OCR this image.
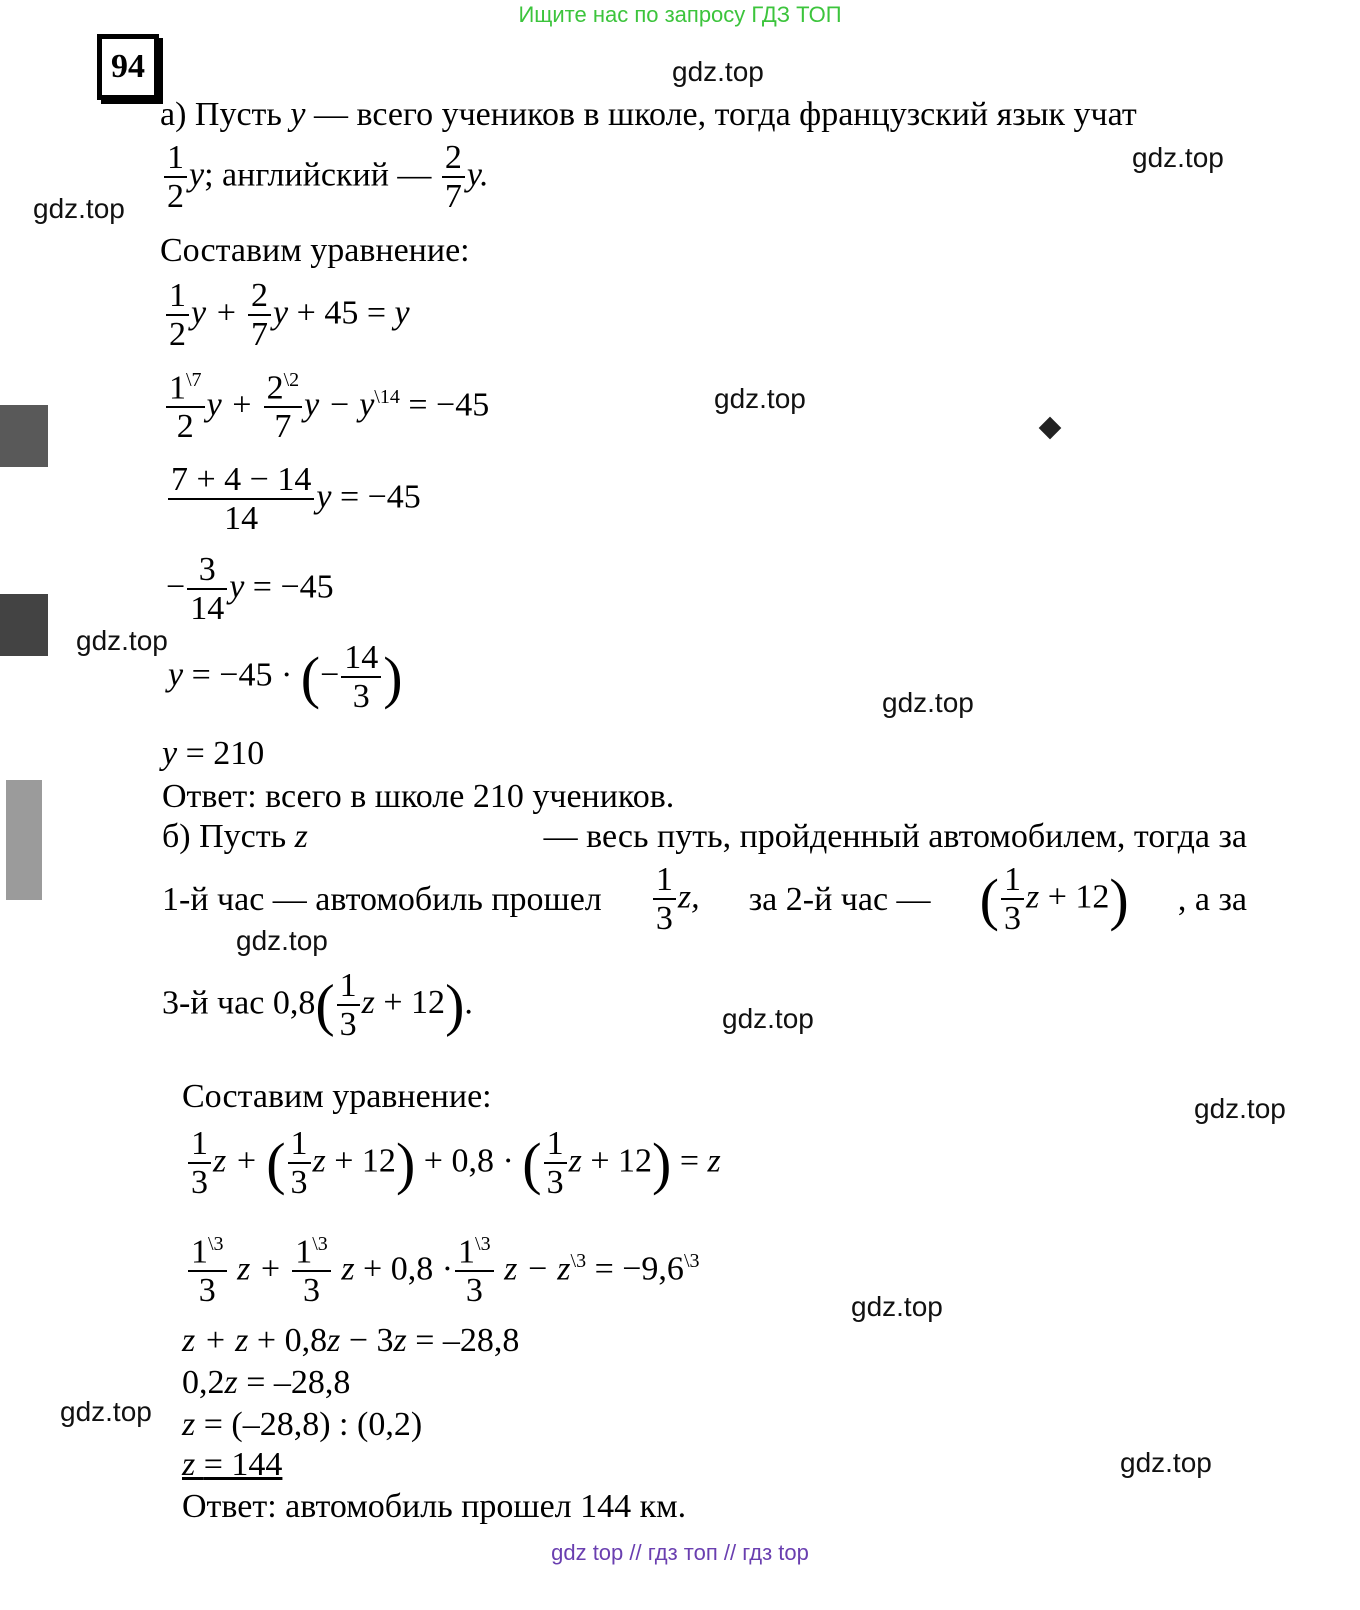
Ищите нас по запросу ГДЗ ТОП
94	gdz.top
gdz.top
gdz.top
gdz.top
gdz.top
gdz.top
gdz.top
gdz.top
gdz.top
gdz.top
gdz.top
gdz.top
а) Пусть y — всего учеников в школе, тогда французский язык учат
$\frac{1}{2} y$; английский — $\frac{2}{7} y$.
Составим уравнение:
$\frac{1}{2}$ $y + \frac{2}{7}$ y + 45 = y
$\frac{1^{\backslash 7}}{2}$ $y + \frac{2^{\backslash 2}}{7}$ $y - y^{\backslash 14} = -45$
$\frac{7 + 4 - 14}{14}$ y = −45
− $\frac{3}{14}$ y = −45
y = −45 · (− $\frac{14}{3}$ )
y = 210
Ответ: всего в школе 210 учеников.
б) Пусть z	— весь путь, пройденный автомобилем, тогда за
1-й час — автомобиль прошел $\frac{1}{3} z$, за 2-й час — ( $\frac{1}{3}$ z + 12) , а за
3-й час $0,8( \frac{1}{3}$ z + 12).
Составим уравнение:
$\frac{1}{3}$ z + ( $\frac{1}{3}$ z + 12) + 0,8 · ( $\frac{1}{3}$ z + 12) = z
$\frac{1^{\backslash 3}}{3}$ $z + \frac{1^{\backslash 3}}{3}$ $z + 0,8 \cdot \frac{1^{\backslash 3}}{3}$ $z - z^{\backslash 3} = -9,6^{\backslash 3}$
z + z + 0,8z − 3z = –28,8
0,2z = –28,8
z = (–28,8) : (0,2)
z = 144
Ответ: автомобиль прошел 144 км.
gdz top // гдз топ // гдз top
